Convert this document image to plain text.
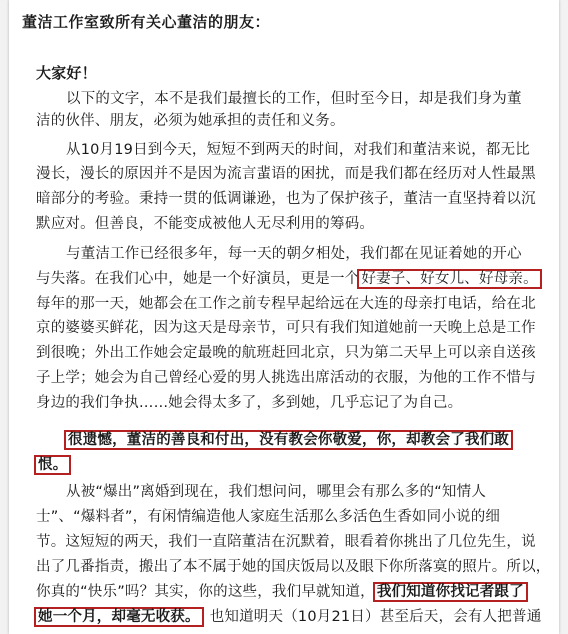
董洁工作室致所有关心董洁的朋友：
大家好！
以下的文字，本不是我们最擅长的工作，但时至今日，却是我们身为董
洁的伙伴、朋友，必须为她承担的责任和义务。
从10月19日到今天，短短不到两天的时间，对我们和董洁来说，都无比
漫长，漫长的原因并不是因为流言蜚语的困扰，而是我们都在经历对人性最黑
暗部分的考验。秉持一贯的低调谦逊，也为了保护孩子，董洁一直坚持着以沉
默应对。但善良，不能变成被他人无尽利用的筹码。
与董洁工作已经很多年，每一天的朝夕相处，我们都在见证着她的开心
与失落。在我们心中，她是一个好演员，更是一个 好妻子、好女儿、好母亲。
每年的那一天，她都会在工作之前专程早起给远在大连的母亲打电话，给在北
京的婆婆买鲜花，因为这天是母亲节，可只有我们知道她前一天晚上总是工作
到很晚；外出工作她会定最晚的航班赶回北京，只为第二天早上可以亲自送孩
子上学；她会为自己曾经心爱的男人挑选出席活动的衣服，为他的工作不惜与
身边的我们争执……她会得太多了，多到她，几乎忘记了为自己。
很遗憾，董洁的善良和付出，没有教会你敬爱，你，却教会了我们敢
恨。
从被“爆出”离婚到现在，我们想问问，哪里会有那么多的“知情人
士”、“爆料者”，有闲情编造他人家庭生活那么多活色生香如同小说的细
节。这短短的两天，我们一直陪董洁在沉默着，眼看着你挑出了几位先生，说
出了几番指责，搬出了本不属于她的国庆饭局以及眼下你所落寞的照片。所以，
你真的“快乐”吗？其实，你的这些，我们早就知道， 我们知道你找记者跟了
她一个月，却毫无收获。 也知道明天（10月21日）甚至后天，会有人把普通
